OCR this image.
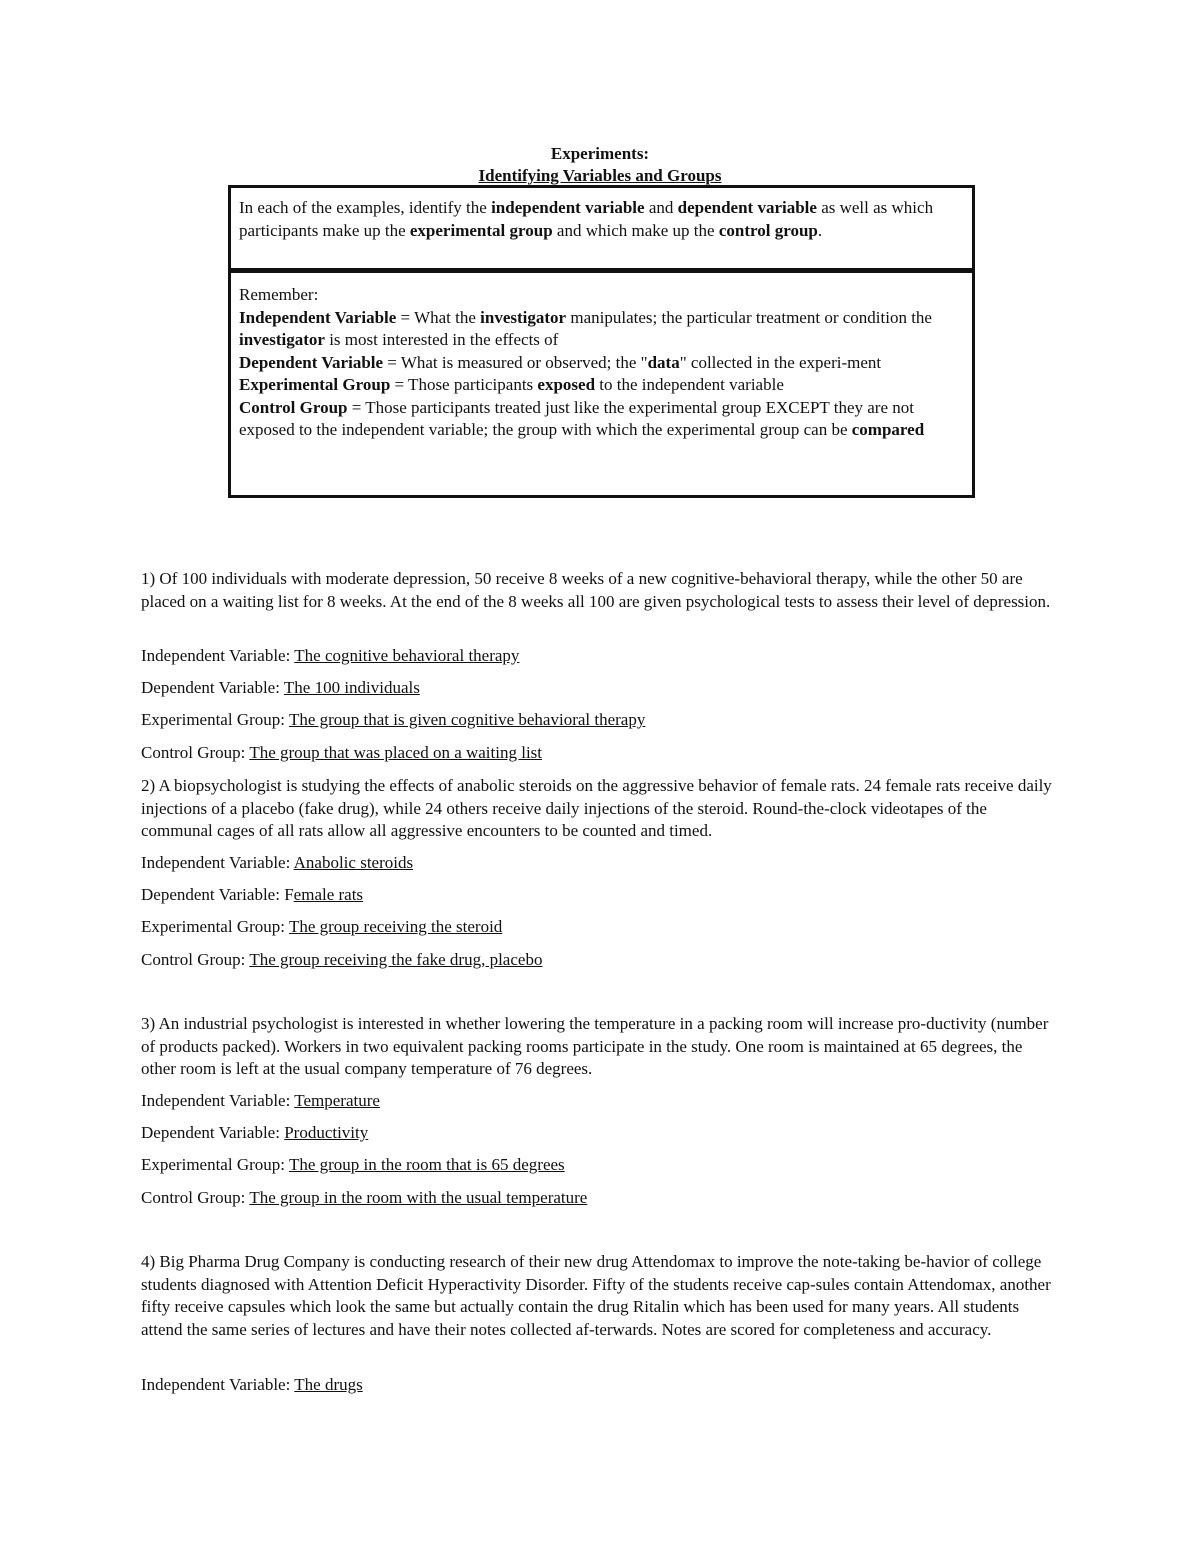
Experiments:
Identifying Variables and Groups

In each of the examples, identify the independent variable and dependent variable as well as which participants make up the experimental group and which make up the control group.

Remember:
Independent Variable = What the investigator manipulates; the particular treatment or condition the investigator is most interested in the effects of
Dependent Variable = What is measured or observed; the "data" collected in the experi-ment
Experimental Group = Those participants exposed to the independent variable
Control Group = Those participants treated just like the experimental group EXCEPT they are not exposed to the independent variable; the group with which the experimental group can be compared

1) Of 100 individuals with moderate depression, 50 receive 8 weeks of a new cognitive-behavioral therapy, while the other 50 are placed on a waiting list for 8 weeks. At the end of the 8 weeks all 100 are given psychological tests to assess their level of depression.

Independent Variable: The cognitive behavioral therapy

Dependent Variable: The 100 individuals

Experimental Group: The group that is given cognitive behavioral therapy

Control Group: The group that was placed on a waiting list

2) A biopsychologist is studying the effects of anabolic steroids on the aggressive behavior of female rats. 24 female rats receive daily injections of a placebo (fake drug), while 24 others receive daily injections of the steroid. Round-the-clock videotapes of the communal cages of all rats allow all aggressive encounters to be counted and timed.

Independent Variable: Anabolic steroids

Dependent Variable: Female rats

Experimental Group: The group receiving the steroid

Control Group: The group receiving the fake drug, placebo

3) An industrial psychologist is interested in whether lowering the temperature in a packing room will increase pro-ductivity (number of products packed). Workers in two equivalent packing rooms participate in the study. One room is maintained at 65 degrees, the other room is left at the usual company temperature of 76 degrees.

Independent Variable: Temperature

Dependent Variable: Productivity

Experimental Group: The group in the room that is 65 degrees

Control Group: The group in the room with the usual temperature

4) Big Pharma Drug Company is conducting research of their new drug Attendomax to improve the note-taking be-havior of college students diagnosed with Attention Deficit Hyperactivity Disorder. Fifty of the students receive cap-sules contain Attendomax, another fifty receive capsules which look the same but actually contain the drug Ritalin which has been used for many years. All students attend the same series of lectures and have their notes collected af-terwards. Notes are scored for completeness and accuracy.

Independent Variable: The drugs
